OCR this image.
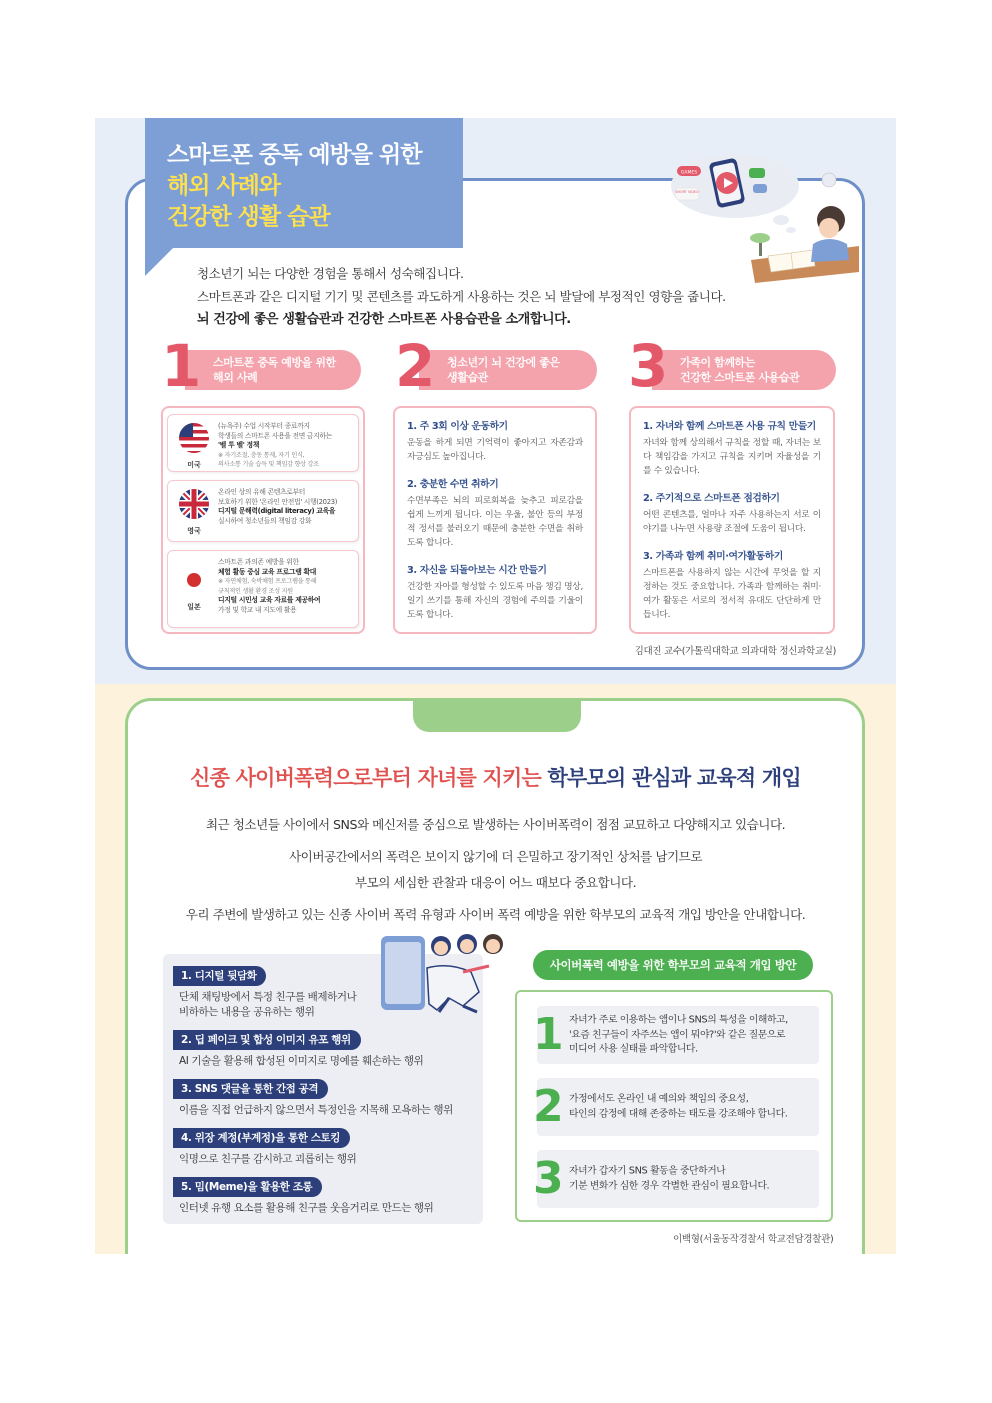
스마트폰 중독 예방을 위한
해외 사례와
건강한 생활 습관
GAMES
SHORT VIDEO
청소년기 뇌는 다양한 경험을 통해서 성숙해집니다.
스마트폰과 같은 디지털 기기 및 콘텐츠를 과도하게 사용하는 것은 뇌 발달에 부정적인 영향을 줍니다.
뇌 건강에 좋은 생활습관과 건강한 스마트폰 사용습관을 소개합니다.
스마트폰 중독 예방을 위한
해외 사례
1	청소년기 뇌 건강에 좋은
생활습관
2	가족이 함께하는
건강한 스마트폰 사용습관
3
미국
(뉴욕주) 수업 시작부터 종료까지
학생들의 스마트폰 사용을 전면 금지하는
'벨 투 벨' 정책
※ 자기조절, 충동 통제, 자기 인식,
의사소통 기술 습득 및 책임감 향상 강조
영국
온라인 상의 유해 콘텐츠로부터
보호하기 위한 '온라인 안전법' 시행(2023)
디지털 문해력(digital literacy) 교육을
실시하여 청소년들의 책임감 강화
일본
스마트폰 과의존 예방을 위한
체험 활동 중심 교육 프로그램 확대
※ 자연체험, 숙박체험 프로그램을 통해
규칙적인 생활 환경 조성 지원
디지털 시민성 교육 자료를 제공하여
가정 및 학교 내 지도에 활용
1. 주 3회 이상 운동하기
운동을 하게 되면 기억력이 좋아지고 자존감과 자긍심도 높아집니다.
2. 충분한 수면 취하기
수면부족은 뇌의 피로회복을 늦추고 피로감을 쉽게 느끼게 됩니다. 이는 우울, 불안 등의 부정적 정서를 불러오기 때문에 충분한 수면을 취하도록 합니다.
3. 자신을 되돌아보는 시간 만들기
건강한 자아를 형성할 수 있도록 마음 챙김 명상, 일기 쓰기를 통해 자신의 경험에 주의를 기울이도록 합니다.
1. 자녀와 함께 스마트폰 사용 규칙 만들기
자녀와 함께 상의해서 규칙을 정할 때, 자녀는 보다 책임감을 가지고 규칙을 지키며 자율성을 기를 수 있습니다.
2. 주기적으로 스마트폰 점검하기
어떤 콘텐츠를, 얼마나 자주 사용하는지 서로 이야기를 나누면 사용량 조절에 도움이 됩니다.
3. 가족과 함께 취미·여가활동하기
스마트폰을 사용하지 않는 시간에 무엇을 할 지 정하는 것도 중요합니다. 가족과 함께하는 취미·여가 활동은 서로의 정서적 유대도 단단하게 만듭니다.
김대진 교수(가톨릭대학교 의과대학 정신과학교실)
신종 사이버폭력으로부터 자녀를 지키는 학부모의 관심과 교육적 개입
최근 청소년들 사이에서 SNS와 메신저를 중심으로 발생하는 사이버폭력이 점점 교묘하고 다양해지고 있습니다.
사이버공간에서의 폭력은 보이지 않기에 더 은밀하고 장기적인 상처를 남기므로
부모의 세심한 관찰과 대응이 어느 때보다 중요합니다.
우리 주변에 발생하고 있는 신종 사이버 폭력 유형과 사이버 폭력 예방을 위한 학부모의 교육적 개입 방안을 안내합니다.
1. 디지털 뒷담화
단체 채팅방에서 특정 친구를 배제하거나
비하하는 내용을 공유하는 행위
2. 딥 페이크 및 합성 이미지 유포 행위
AI 기술을 활용해 합성된 이미지로 명예를 훼손하는 행위
3. SNS 댓글을 통한 간접 공격
이름을 직접 언급하지 않으면서 특정인을 지목해 모욕하는 행위
4. 위장 계정(부계정)을 통한 스토킹
익명으로 친구를 감시하고 괴롭히는 행위
5. 밈(Meme)을 활용한 조롱
인터넷 유행 요소를 활용해 친구를 웃음거리로 만드는 행위
사이버폭력 예방을 위한 학부모의 교육적 개입 방안
1 자녀가 주로 이용하는 앱이나 SNS의 특성을 이해하고,
'요즘 친구들이 자주쓰는 앱이 뭐야?'와 같은 질문으로
미디어 사용 실태를 파악합니다.
2 가정에서도 온라인 내 예의와 책임의 중요성,
타인의 감정에 대해 존중하는 태도를 강조해야 합니다.
3 자녀가 갑자기 SNS 활동을 중단하거나
기분 변화가 심한 경우 각별한 관심이 필요합니다.
이백형(서울동작경찰서 학교전담경찰관)
